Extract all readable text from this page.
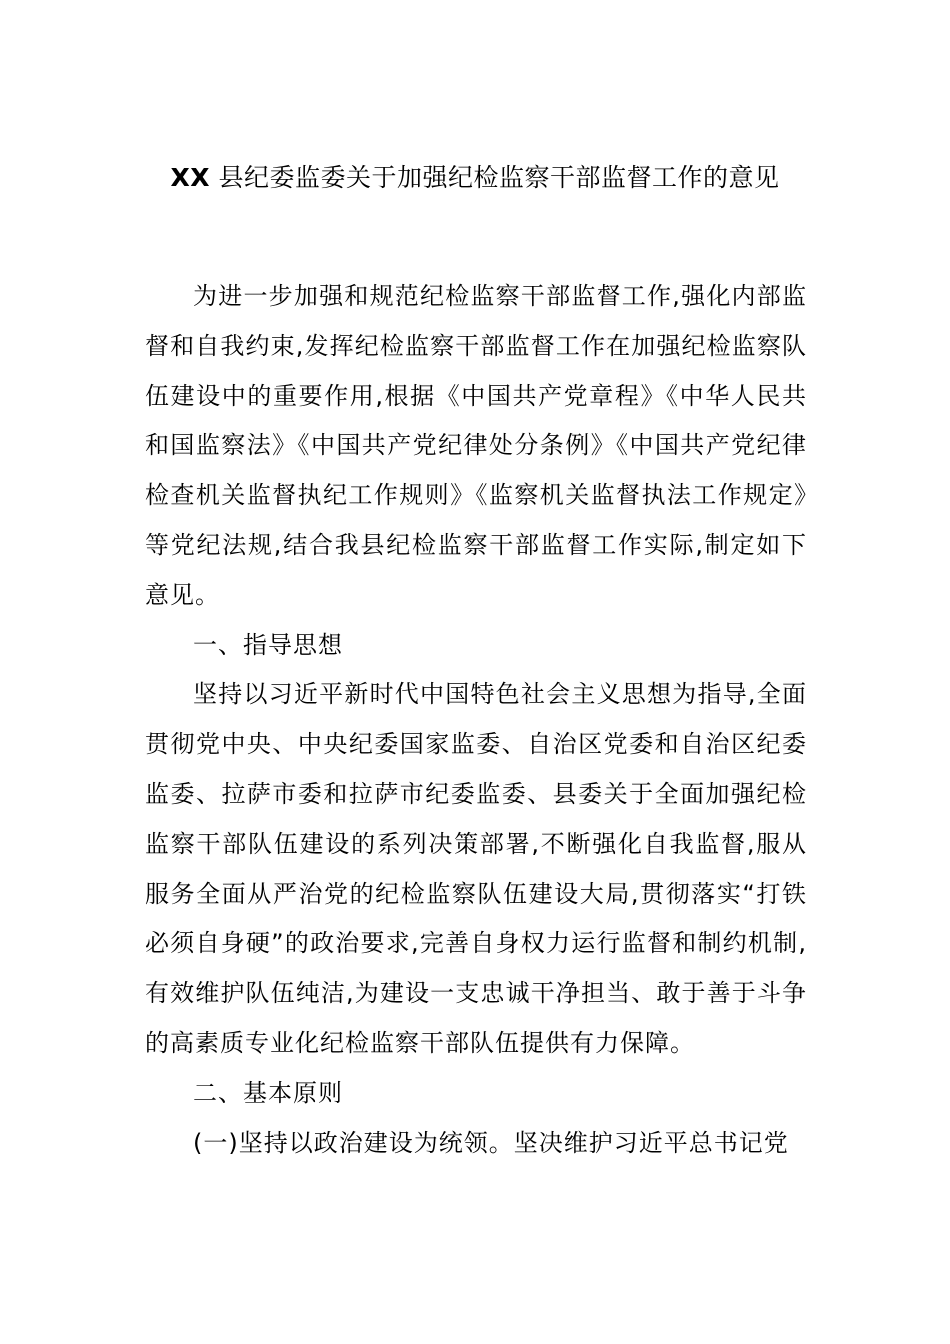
XX 县纪委监委关于加强纪检监察干部监督工作的意见

为进一步加强和规范纪检监察干部监督工作,强化内部监督和自我约束,发挥纪检监察干部监督工作在加强纪检监察队伍建设中的重要作用,根据《中国共产党章程》《中华人民共和国监察法》《中国共产党纪律处分条例》《中国共产党纪律检查机关监督执纪工作规则》《监察机关监督执法工作规定》等党纪法规,结合我县纪检监察干部监督工作实际,制定如下意见。

一、指导思想

坚持以习近平新时代中国特色社会主义思想为指导,全面贯彻党中央、中央纪委国家监委、自治区党委和自治区纪委监委、拉萨市委和拉萨市纪委监委、县委关于全面加强纪检监察干部队伍建设的系列决策部署,不断强化自我监督,服从服务全面从严治党的纪检监察队伍建设大局,贯彻落实“打铁必须自身硬”的政治要求,完善自身权力运行监督和制约机制,有效维护队伍纯洁,为建设一支忠诚干净担当、敢于善于斗争的高素质专业化纪检监察干部队伍提供有力保障。

二、基本原则

(一)坚持以政治建设为统领。坚决维护习近平总书记党
